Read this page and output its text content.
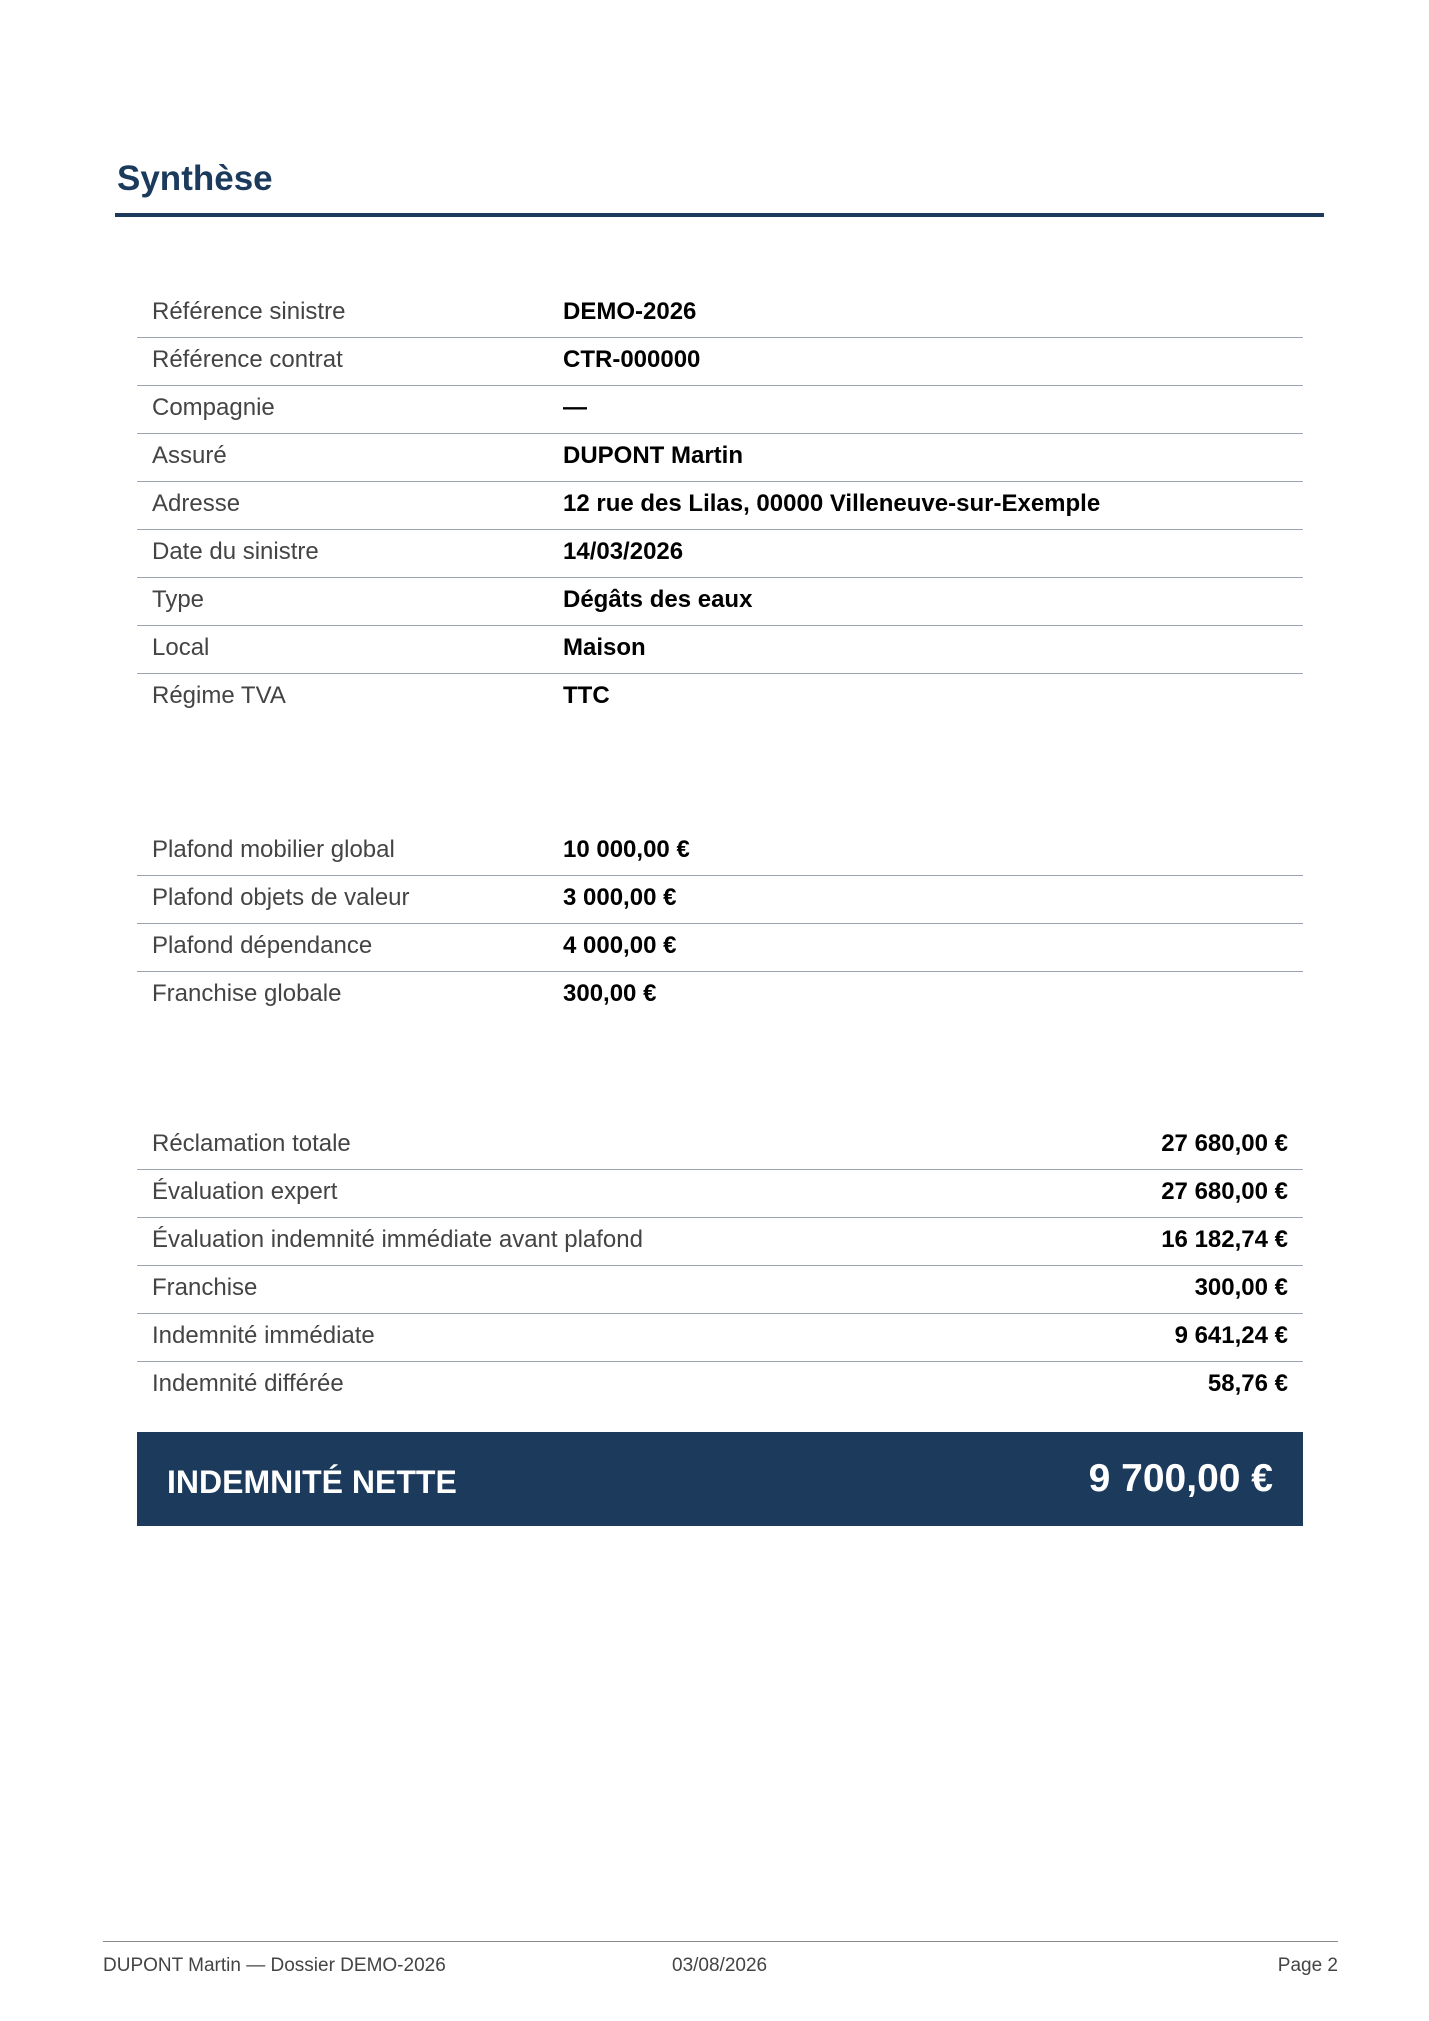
Synthèse
Référence sinistre	DEMO-2026
Référence contrat	CTR-000000
Compagnie	—
Assuré	DUPONT Martin
Adresse	12 rue des Lilas, 00000 Villeneuve-sur-Exemple
Date du sinistre	14/03/2026
Type	Dégâts des eaux
Local	Maison
Régime TVA	TTC
Plafond mobilier global	10 000,00 €
Plafond objets de valeur	3 000,00 €
Plafond dépendance	4 000,00 €
Franchise globale	300,00 €
Réclamation totale	27 680,00 €
Évaluation expert	27 680,00 €
Évaluation indemnité immédiate avant plafond	16 182,74 €
Franchise	300,00 €
Indemnité immédiate	9 641,24 €
Indemnité différée	58,76 €
INDEMNITÉ NETTE	9 700,00 €
DUPONT Martin — Dossier DEMO-2026	03/08/2026	Page 2
